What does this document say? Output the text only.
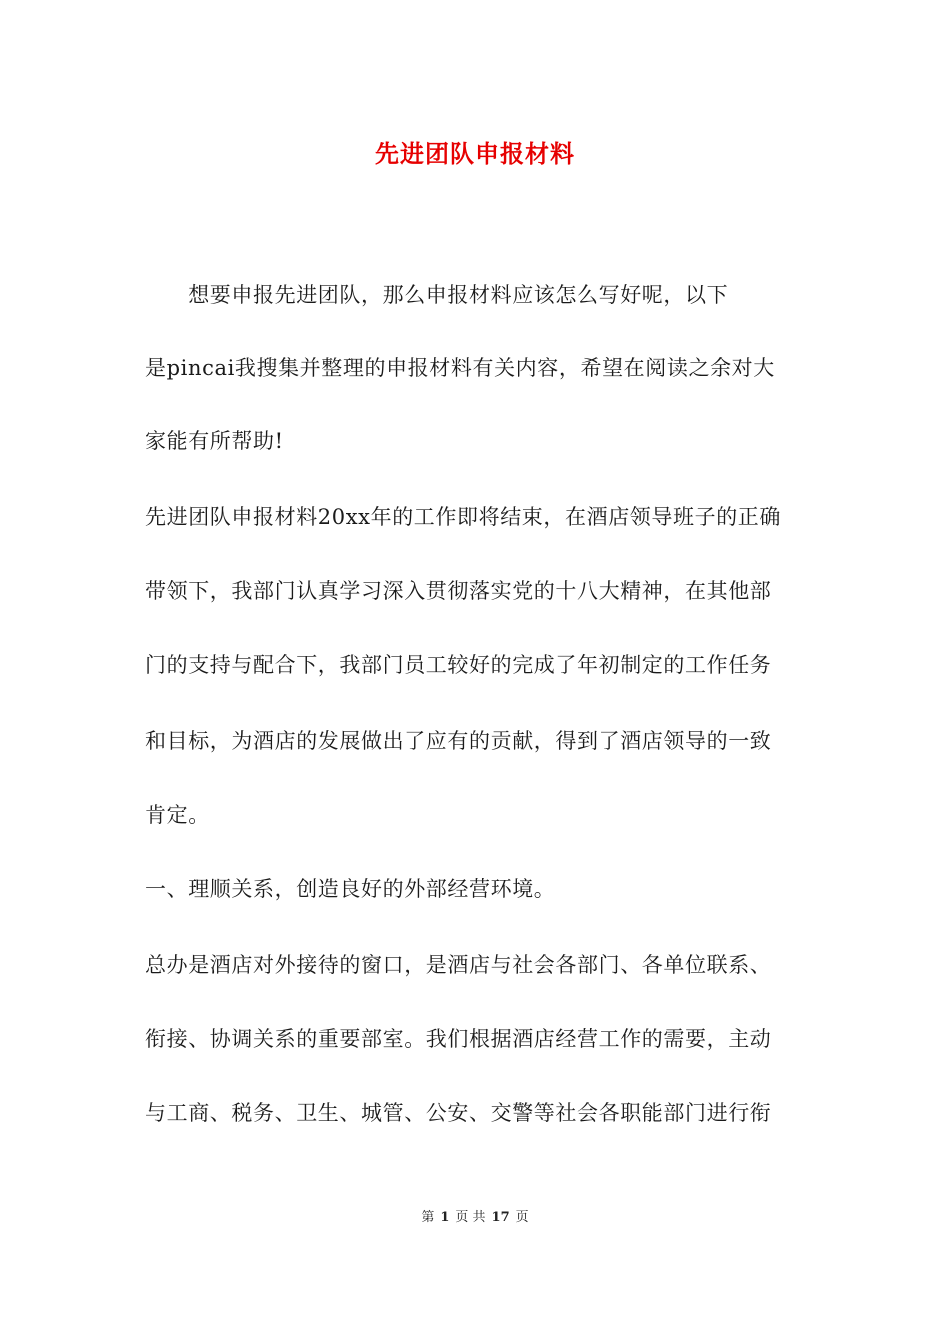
先进团队申报材料
　　想要申报先进团队，那么申报材料应该怎么写好呢，以下
是pincai我搜集并整理的申报材料有关内容，希望在阅读之余对大
家能有所帮助!
先进团队申报材料20xx年的工作即将结束，在酒店领导班子的正确
带领下，我部门认真学习深入贯彻落实党的十八大精神，在其他部
门的支持与配合下，我部门员工较好的完成了年初制定的工作任务
和目标，为酒店的发展做出了应有的贡献，得到了酒店领导的一致
肯定。
一、理顺关系，创造良好的外部经营环境。
总办是酒店对外接待的窗口，是酒店与社会各部门、各单位联系、
衔接、协调关系的重要部室。我们根据酒店经营工作的需要，主动
与工商、税务、卫生、城管、公安、交警等社会各职能部门进行衔
第 1 页 共 17 页
